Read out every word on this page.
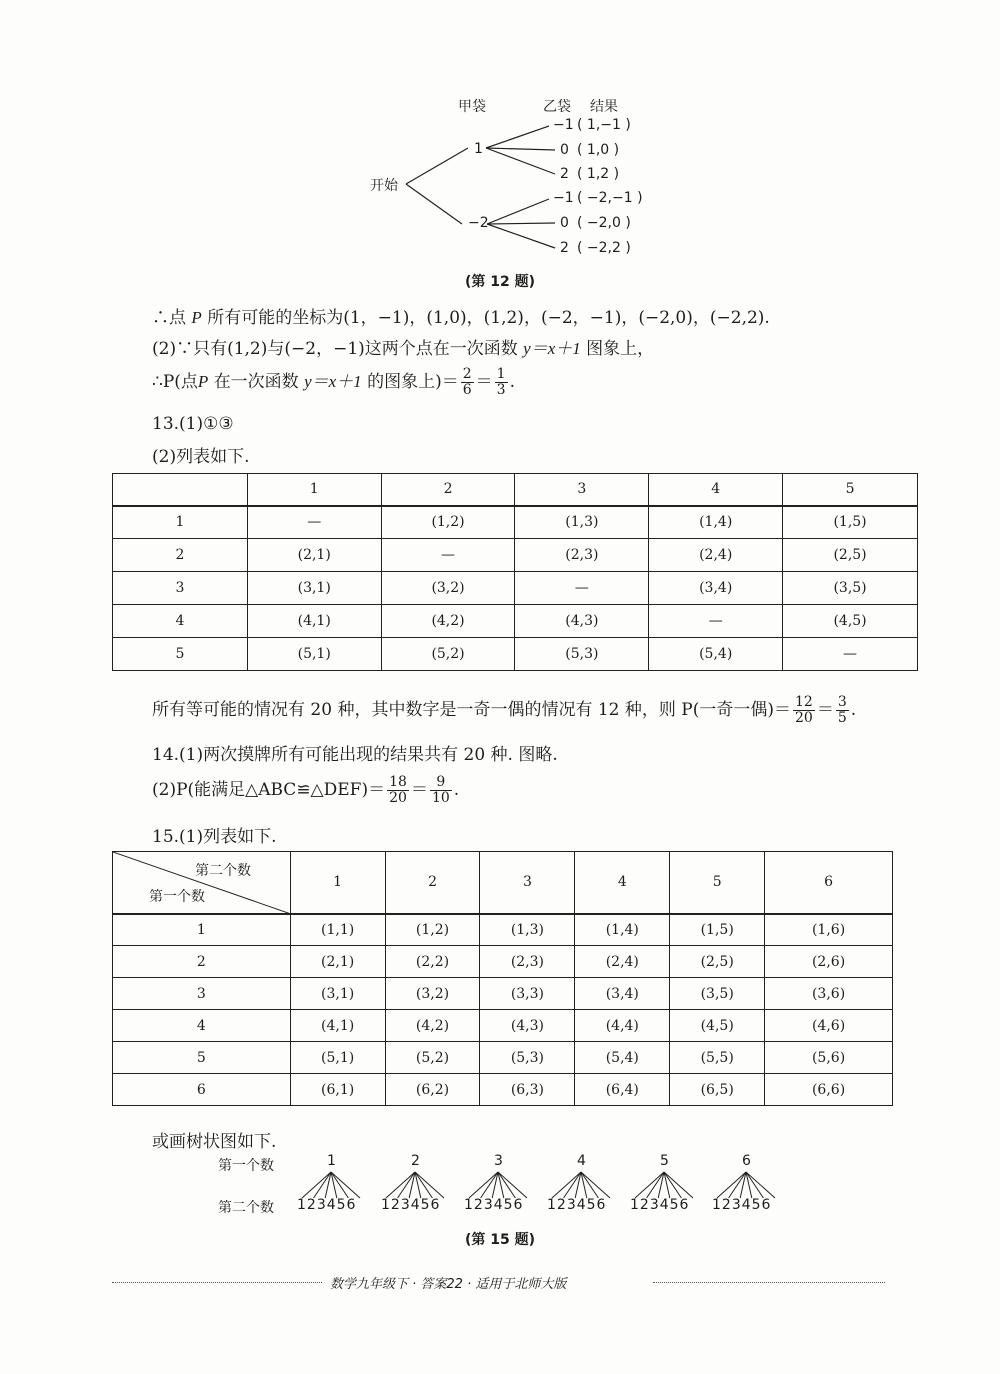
甲袋	乙袋 结果
开始
1
−2
−1 ( 1,−1 )
0 ( 1,0 )
2 ( 1,2 )
−1 ( −2,−1 )
0 ( −2,0 )
2 ( −2,2 )
(第 12 题)
∴点 P 所有可能的坐标为(1，−1)，(1,0)，(1,2)，(−2，−1)，(−2,0)，(−2,2).
(2)∵只有(1,2)与(−2，−1)这两个点在一次函数 y＝x＋1 图象上，
∴P(点P 在一次函数 y＝x＋1 的图象上)＝ $\frac{2}{6} = \frac{1}{3}$ .
13.(1)①③
(2)列表如下.
	1	2	3	4	5
1	—	(1,2)	(1,3)	(1,4)	(1,5)
2	(2,1)	—	(2,3)	(2,4)	(2,5)
3	(3,1)	(3,2)	—	(3,4)	(3,5)
4	(4,1)	(4,2)	(4,3)	—	(4,5)
5	(5,1)	(5,2)	(5,3)	(5,4)	—
所有等可能的情况有 20 种，其中数字是一奇一偶的情况有 12 种，则 P(一奇一偶)＝ $\frac{12}{20} = \frac{3}{5}$ .
14.(1)两次摸牌所有可能出现的结果共有 20 种. 图略.
(2)P(能满足△ABC≌△DEF)＝ $\frac{18}{20} = \frac{9}{10}$ .
15.(1)列表如下.
第二个数
第一个数	1	2	3	4	5	6
1	(1,1)	(1,2)	(1,3)	(1,4)	(1,5)	(1,6)
2	(2,1)	(2,2)	(2,3)	(2,4)	(2,5)	(2,6)
3	(3,1)	(3,2)	(3,3)	(3,4)	(3,5)	(3,6)
4	(4,1)	(4,2)	(4,3)	(4,4)	(4,5)	(4,6)
5	(5,1)	(5,2)	(5,3)	(5,4)	(5,5)	(5,6)
6	(6,1)	(6,2)	(6,3)	(6,4)	(6,5)	(6,6)
或画树状图如下.
第一个数
第二个数
1	2	3	4	5	6
123456 123456 123456 123456 123456 123456
(第 15 题)
数学九年级下 · 答案22 · 适用于北师大版
